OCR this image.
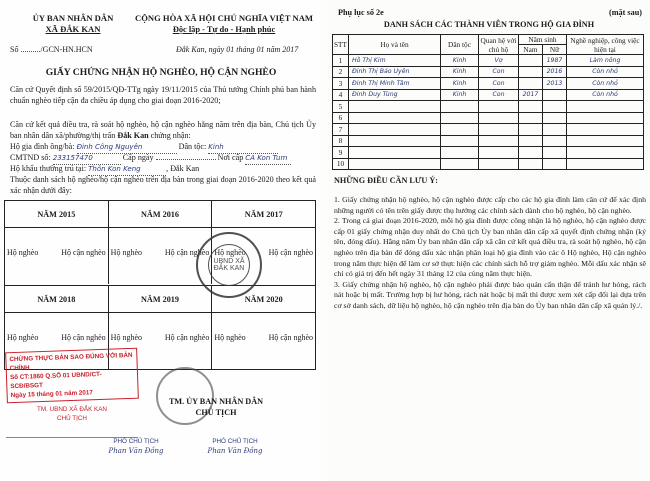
ỦY BAN NHÂN DÂN
XÃ ĐẮK KAN
CỘNG HÒA XÃ HỘI CHỦ NGHĨA VIỆT NAM
Độc lập - Tự do - Hạnh phúc
Số ........../GCN-HN.HCN	Đắk Kan, ngày 01 tháng 01 năm 2017
GIẤY CHỨNG NHẬN HỘ NGHÈO, HỘ CẬN NGHÈO
Căn cứ Quyết định số 59/2015/QĐ-TTg ngày 19/11/2015 của Thủ tướng Chính phủ ban hành chuẩn nghèo tiếp cận đa chiều áp dụng cho giai đoạn 2016-2020;
Căn cứ kết quả điều tra, rà soát hộ nghèo, hộ cận nghèo hằng năm trên địa bàn, Chủ tịch Ủy ban nhân dân xã/phường/thị trấn Đắk Kan chứng nhận:
Hộ gia đình ông/bà: Đinh Công Nguyên	Dân tộc: Kinh
CMTND số: 233157470	Cấp ngày	Nơi cấp CA Kon Tum
Hộ khẩu thường trú tại: Thôn Kon Keng	, Đắk Kan
Thuộc danh sách hộ nghèo/hộ cận nghèo trên địa bàn trong giai đoạn 2016-2020 theo kết quả xác nhận dưới đây:
NĂM 2015	NĂM 2016	NĂM 2017
Hộ nghèo	Hộ cận nghèo Hộ nghèo	Hộ cận nghèo Hộ nghèo	Hộ cận nghèo
NĂM 2018	NĂM 2019	NĂM 2020
Hộ nghèo	Hộ cận nghèo Hộ nghèo	Hộ cận nghèo Hộ nghèo	Hộ cận nghèo
UBND XÃ ĐẮK KAN
CHỨNG THỰC BẢN SAO ĐÚNG VỚI BẢN CHÍNH
Số CT:1860 Q.SỐ 01 UBND/CT-SCĐ/BSGT
Ngày 15 tháng 01 năm 2017
TM. UBND XÃ ĐẮK KAN
CHỦ TỊCH
TM. ỦY BAN NHÂN DÂN
CHỦ TỊCH
PHÓ CHỦ TỊCH
Phan Văn Đồng
PHÓ CHỦ TỊCH
Phan Văn Đồng
Phụ lục số 2e	(mặt sau)
DANH SÁCH CÁC THÀNH VIÊN TRONG HỘ GIA ĐÌNH
STT	Họ và tên	Dân tộc	Quan hệ với chủ hộ	Năm sinh		Nghề nghiệp, công việc hiện tại
				Nam	Nữ	
1	Hồ Thị Kim	Kinh	Vợ		1987	Làm nông
2	Đinh Thị Bảo Uyên	Kinh	Con		2016	Còn nhỏ
3	Đinh Thị Minh Tâm	Kinh	Con		2013	Còn nhỏ
4	Đinh Duy Tùng	Kinh	Con	2017		Còn nhỏ
5						
6						
7						
8						
9						
10						
NHỮNG ĐIỀU CẦN LƯU Ý:

1. Giấy chứng nhận hộ nghèo, hộ cận nghèo được cấp cho các hộ gia đình làm căn cứ để xác định những người có tên trên giấy được thụ hưởng các chính sách dành cho hộ nghèo, hộ cận nghèo.

2. Trong cả giai đoạn 2016-2020, mỗi hộ gia đình được công nhận là hộ nghèo, hộ cận nghèo được cấp 01 giấy chứng nhận duy nhất do Chủ tịch Ủy ban nhân dân cấp xã quyết định chứng nhận (ký tên, đóng dấu). Hằng năm Ủy ban nhân dân cấp xã căn cứ kết quả điều tra, rà soát hộ nghèo, hộ cận nghèo trên địa bàn để đóng dấu xác nhận phân loại hộ gia đình vào các ô Hộ nghèo, Hộ cận nghèo trong năm thực hiện để làm cơ sở thực hiện các chính sách hỗ trợ giảm nghèo. Mỗi dấu xác nhận sẽ chỉ có giá trị đến hết ngày 31 tháng 12 của cùng năm thực hiện.

3. Giấy chứng nhận hộ nghèo, hộ cận nghèo phải được bảo quản cẩn thận để tránh hư hỏng, rách nát hoặc bị mất. Trường hợp bị hư hỏng, rách nát hoặc bị mất thì được xem xét cấp đổi lại dựa trên cơ sở danh sách, dữ liệu hộ nghèo, hộ cận nghèo trên địa bàn do Ủy ban nhân dân cấp xã quản lý./.
